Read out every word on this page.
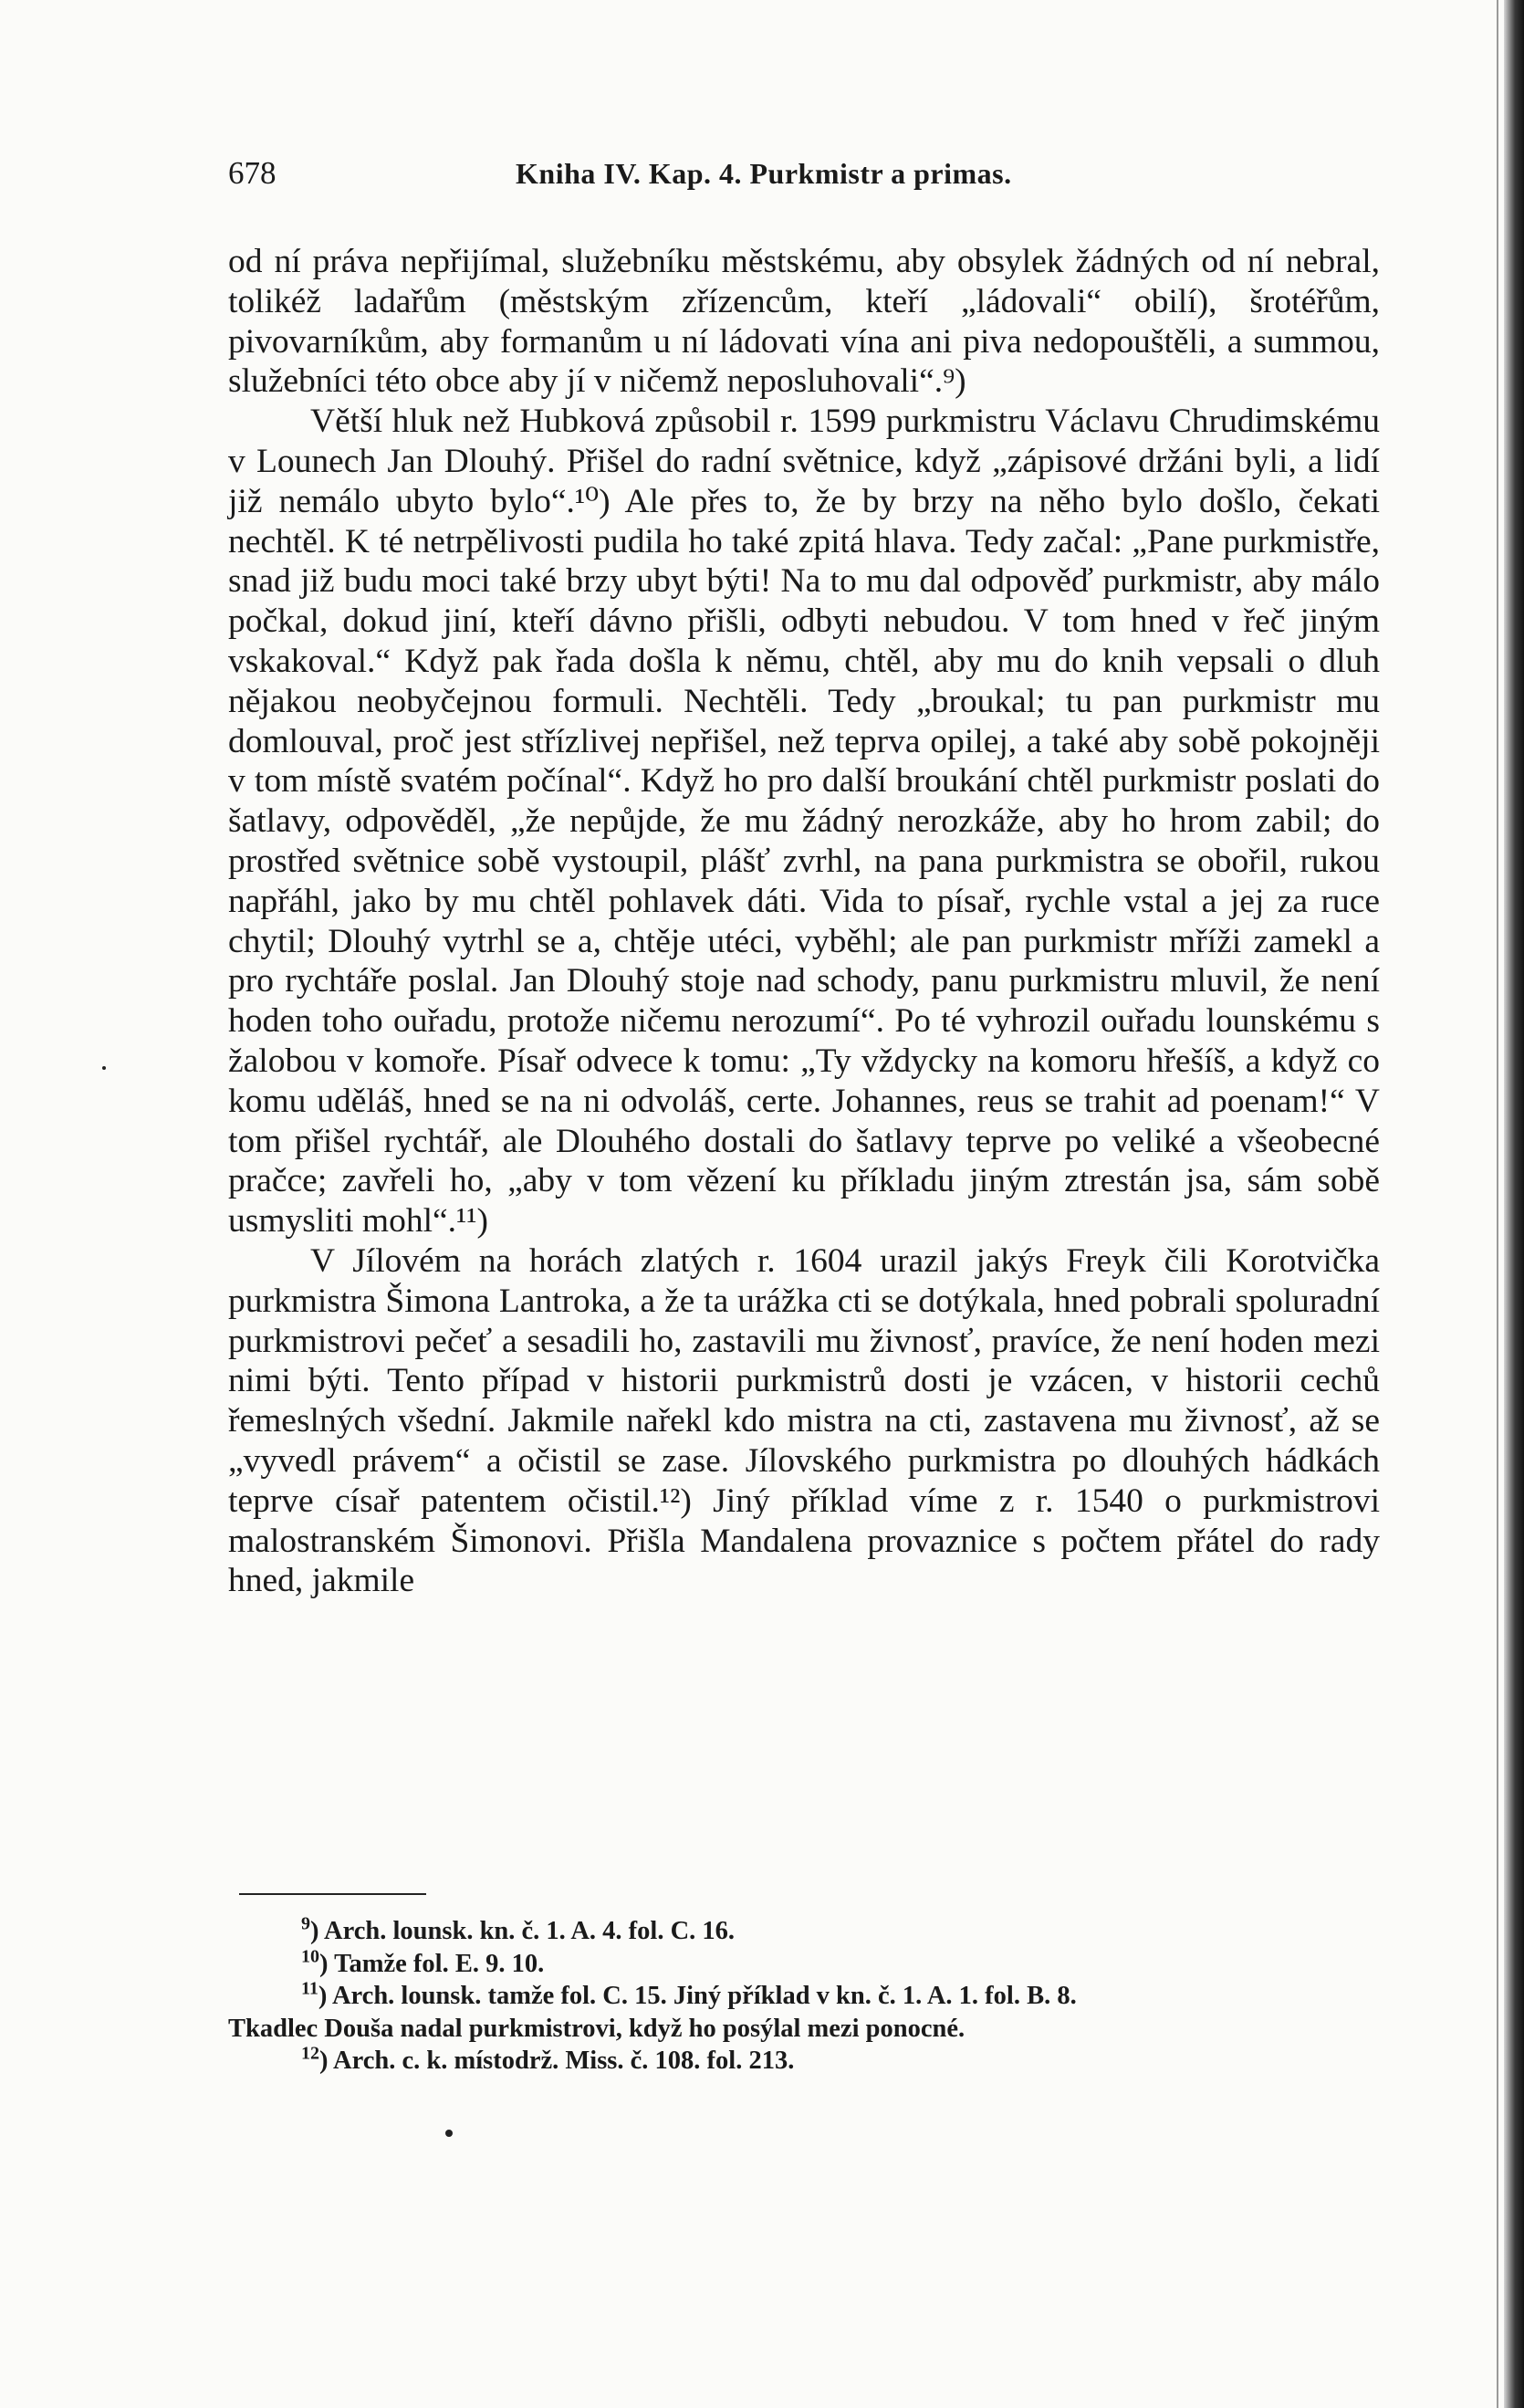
678	Kniha IV. Kap. 4. Purkmistr a primas.

od ní práva nepřijímal, služebníku městskému, aby obsylek žádných od ní nebral, tolikéž ladařům (městským zřízencům, kteří „ládovali“ obilí), šrotéřům, pivovarníkům, aby formanům u ní ládovati vína ani piva nedopouštěli, a summou, služebníci této obce aby jí v ničemž neposluhovali“.⁹)

Větší hluk než Hubková způsobil r. 1599 purkmistru Václavu Chrudimskému v Lounech Jan Dlouhý. Přišel do radní světnice, když „zápisové držáni byli, a lidí již nemálo ubyto bylo“.¹⁰) Ale přes to, že by brzy na něho bylo došlo, čekati nechtěl. K té netrpělivosti pudila ho také zpitá hlava. Tedy začal: „Pane purkmistře, snad již budu moci také brzy ubyt býti! Na to mu dal odpověď purkmistr, aby málo počkal, dokud jiní, kteří dávno přišli, odbyti nebudou. V tom hned v řeč jiným vskakoval.“ Když pak řada došla k němu, chtěl, aby mu do knih vepsali o dluh nějakou neobyčejnou formuli. Nechtěli. Tedy „broukal; tu pan purkmistr mu domlouval, proč jest střízlivej nepřišel, než teprva opilej, a také aby sobě pokojněji v tom místě svatém počínal“. Když ho pro další broukání chtěl purkmistr poslati do šatlavy, odpověděl, „že nepůjde, že mu žádný nerozkáže, aby ho hrom zabil; do prostřed světnice sobě vystoupil, plášť zvrhl, na pana purkmistra se obořil, rukou napřáhl, jako by mu chtěl pohlavek dáti. Vida to písař, rychle vstal a jej za ruce chytil; Dlouhý vytrhl se a, chtěje utéci, vyběhl; ale pan purkmistr mříži zamekl a pro rychtáře poslal. Jan Dlouhý stoje nad schody, panu purkmistru mluvil, že není hoden toho ouřadu, protože ničemu nerozumí“. Po té vyhrozil ouřadu lounskému s žalobou v komoře. Písař odvece k tomu: „Ty vždycky na komoru hřešíš, a když co komu uděláš, hned se na ni odvoláš, certe. Johannes, reus se trahit ad poenam!“ V tom přišel rychtář, ale Dlouhého dostali do šatlavy teprve po veliké a všeobecné pračce; zavřeli ho, „aby v tom vězení ku příkladu jiným ztrestán jsa, sám sobě usmysliti mohl“.¹¹)

V Jílovém na horách zlatých r. 1604 urazil jakýs Freyk čili Korotvička purkmistra Šimona Lantroka, a že ta urážka cti se dotýkala, hned pobrali spoluradní purkmistrovi pečeť a sesadili ho, zastavili mu živnosť, pravíce, že není hoden mezi nimi býti. Tento případ v historii purkmistrů dosti je vzácen, v historii cechů řemeslných všední. Jakmile nařekl kdo mistra na cti, zastavena mu živnosť, až se „vyvedl právem“ a očistil se zase. Jílovského purkmistra po dlouhých hádkách teprve císař patentem očistil.¹²) Jiný příklad víme z r. 1540 o purkmistrovi malostranském Šimonovi. Přišla Mandalena provaznice s počtem přátel do rady hned, jakmile

$^9$) Arch. lounsk. kn. č. 1. A. 4. fol. C. 16.

$^{10}$) Tamže fol. E. 9. 10.

$^{11}$) Arch. lounsk. tamže fol. C. 15. Jiný příklad v kn. č. 1. A. 1. fol. B. 8.

Tkadlec Douša nadal purkmistrovi, když ho posýlal mezi ponocné.

$^{12}$) Arch. c. k. místodrž. Miss. č. 108. fol. 213.
